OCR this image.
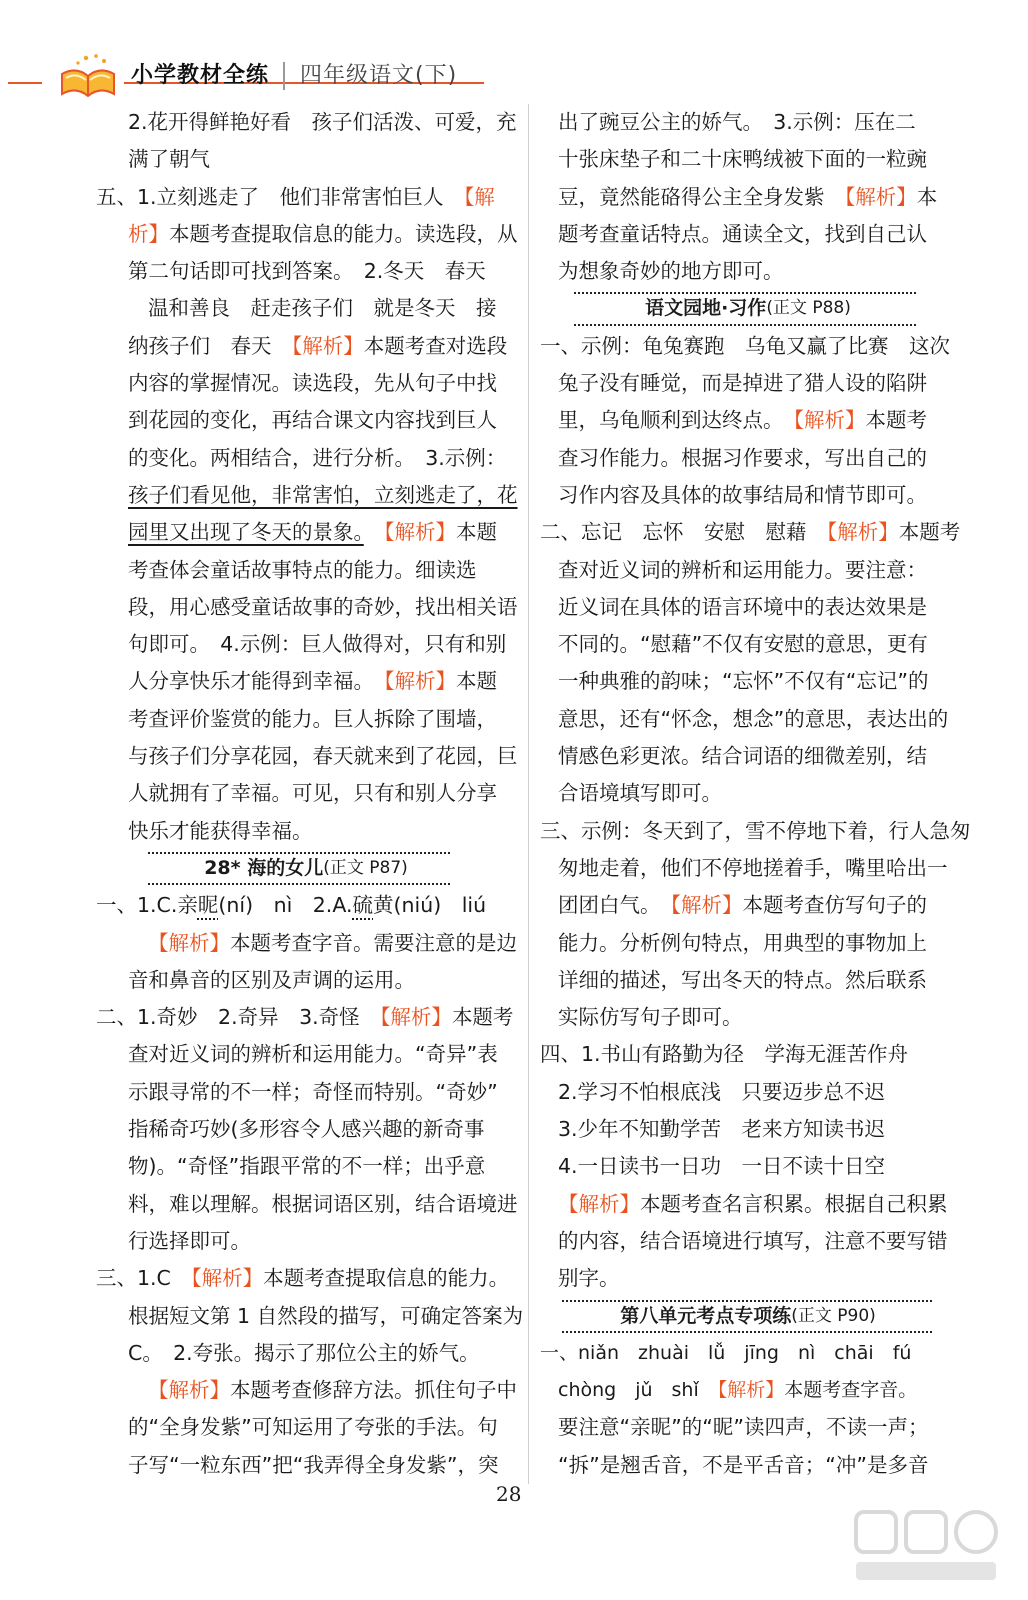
小学教材全练 四年级语文(下)
2.花开得鲜艳好看　孩子们活泼、可爱，充
满了朝气
五、1.立刻逃走了　他们非常害怕巨人　【解
析】本题考查提取信息的能力。读选段，从
第二句话即可找到答案。　2.冬天　春天
温和善良　赶走孩子们　就是冬天　接
纳孩子们　春天　【解析】本题考查对选段
内容的掌握情况。读选段，先从句子中找
到花园的变化，再结合课文内容找到巨人
的变化。两相结合，进行分析。　3.示例：
孩子们看见他，非常害怕，立刻逃走了，花
园里又出现了冬天的景象。　【解析】本题
考查体会童话故事特点的能力。细读选
段，用心感受童话故事的奇妙，找出相关语
句即可。　4.示例：巨人做得对，只有和别
人分享快乐才能得到幸福。　【解析】本题
考查评价鉴赏的能力。巨人拆除了围墙，
与孩子们分享花园，春天就来到了花园，巨
人就拥有了幸福。可见，只有和别人分享
快乐才能获得幸福。
28* 海的女儿 (正文 P 87 )
一、1.C.亲昵(ní)　nì　2.A.硫黄(niú)　liú
【解析】本题考查字音。需要注意的是边
音和鼻音的区别及声调的运用。
二、1.奇妙　2.奇异　3.奇怪　【解析】本题考
查对近义词的辨析和运用能力。“奇异”表
示跟寻常的不一样；奇怪而特别。“奇妙”
指稀奇巧妙(多形容令人感兴趣的新奇事
物)。“奇怪”指跟平常的不一样；出乎意
料，难以理解。根据词语区别，结合语境进
行选择即可。
三、1.C　【解析】本题考查提取信息的能力。
根据短文第 1 自然段的描写，可确定答案为
C。　2.夸张。揭示了那位公主的娇气。
【解析】本题考查修辞方法。抓住句子中
的“全身发紫”可知运用了夸张的手法。句
子写“一粒东西”把“我弄得全身发紫”，突
出了豌豆公主的娇气。　3.示例：压在二
十张床垫子和二十床鸭绒被下面的一粒豌
豆，竟然能硌得公主全身发紫　【解析】本
题考查童话特点。通读全文，找到自己认
为想象奇妙的地方即可。
语文园地·习作 (正文 P 88 )
一、示例：龟兔赛跑　乌龟又赢了比赛　这次
兔子没有睡觉，而是掉进了猎人设的陷阱
里，乌龟顺利到达终点。　【解析】本题考
查习作能力。根据习作要求，写出自己的
习作内容及具体的故事结局和情节即可。
二、忘记　忘怀　安慰　慰藉　【解析】本题考
查对近义词的辨析和运用能力。要注意：
近义词在具体的语言环境中的表达效果是
不同的。“慰藉”不仅有安慰的意思，更有
一种典雅的韵味；“忘怀”不仅有“忘记”的
意思，还有“怀念，想念”的意思，表达出的
情感色彩更浓。结合词语的细微差别，结
合语境填写即可。
三、示例：冬天到了，雪不停地下着，行人急匆
匆地走着，他们不停地搓着手，嘴里哈出一
团团白气。　【解析】本题考查仿写句子的
能力。分析例句特点，用典型的事物加上
详细的描述，写出冬天的特点。然后联系
实际仿写句子即可。
四、1.书山有路勤为径　学海无涯苦作舟
2.学习不怕根底浅　只要迈步总不迟
3.少年不知勤学苦　老来方知读书迟
4.一日读书一日功　一日不读十日空
【解析】本题考查名言积累。根据自己积累
的内容，结合语境进行填写，注意不要写错
别字。
第八单元考点专项练 (正文 P 90 )
一、niǎn　zhuài　lǚ　jīng　nì　chāi　fú
chòng　jǔ　shǐ　【解析】本题考查字音。
要注意“亲昵”的“昵”读四声，不读一声；
“拆”是翘舌音，不是平舌音；“冲”是多音
28
